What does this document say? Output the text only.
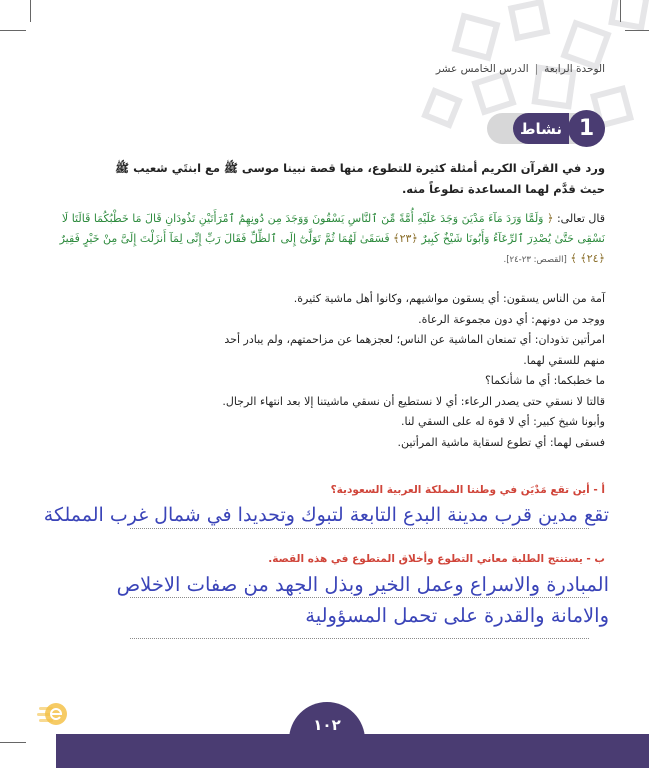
الوحدة الرابعة|الدرس الخامس عشر
1
نشاط
ورد في القرآن الكريم أمثلة كثيرة للتطوع، منها قصة نبينا موسى ﷺ مع ابنتَي شعيب ﷺ
حيث قدَّم لهما المساعدة تطوعاً منه.
قال تعالى: ﴿ وَلَمَّا وَرَدَ مَآءَ مَدْيَنَ وَجَدَ عَلَيْهِ أُمَّةً مِّنَ ٱلنَّاسِ يَسْقُونَ وَوَجَدَ مِن دُونِهِمُ ٱمْرَأَتَيْنِ تَذُودَانِ قَالَ مَا خَطْبُكُمَا قَالَتَا لَا نَسْقِى حَتَّىٰ يُصْدِرَ ٱلرِّعَآءُ وَأَبُونَا شَيْخٌ كَبِيرٌ ﴿٢٣﴾ فَسَقَىٰ لَهُمَا ثُمَّ تَوَلَّىٰٓ إِلَى ٱلظِّلِّ فَقَالَ رَبِّ إِنِّى لِمَآ أَنزَلْتَ إِلَىَّ مِنْ خَيْرٍ فَقِيرٌ ﴿٢٤﴾ ﴾ [القصص: ٢٣-٢٤].

آمة من الناس يسقون: أي يسقون مواشيهم، وكانوا أهل ماشية كثيرة.

ووجد من دونهم: أي دون مجموعة الرعاة.

امرأتين تذودان: أي تمنعان الماشية عن الناس؛ لعجزهما عن مزاحمتهم، ولم يبادر أحد

منهم للسقي لهما.

ما خطبكما: أي ما شأنكما؟

قالتا لا نسقي حتى يصدر الرعاء: أي لا نستطيع أن نسقي ماشيتنا إلا بعد انتهاء الرجال.

وأبونا شيخ كبير: أي لا قوة له على السقي لنا.

فسقى لهما: أي تطوع لسقاية ماشية المرأتين.

أ - أين تقع مَدْيَن في وطننا المملكة العربية السعودية؟
تقع مدين قرب مدينة البدع التابعة لتبوك وتحديدا في شمال غرب المملكة
ب - يستنتج الطلبة معاني التطوع وأخلاق المتطوع في هذه القصة.
المبادرة والاسراع وعمل الخير وبذل الجهد من صفات الاخلاص
والامانة والقدرة على تحمل المسؤولية
١٠٢
